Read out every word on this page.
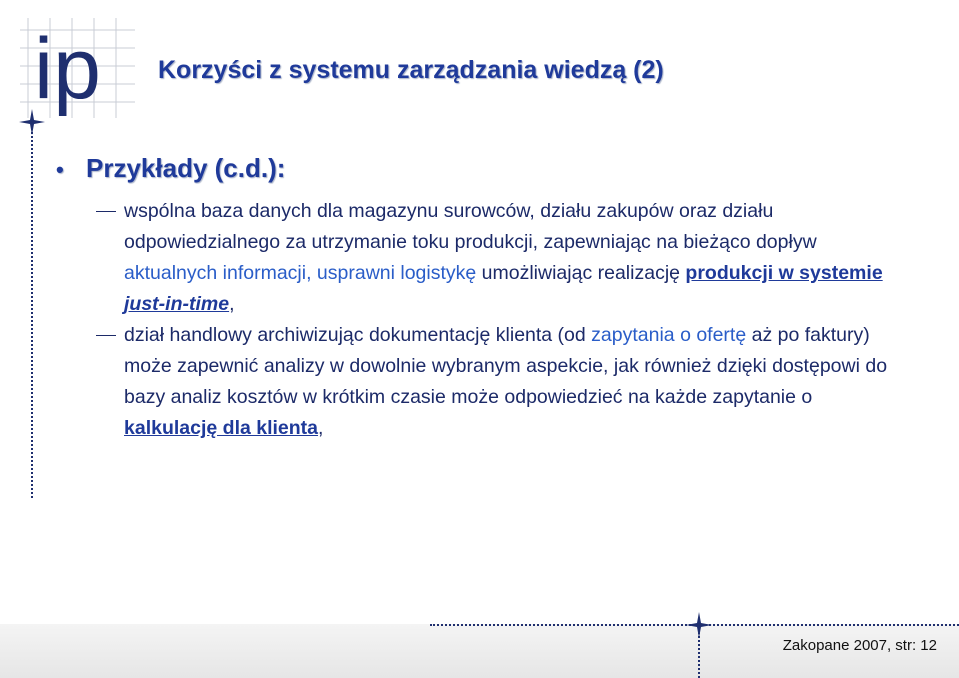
ip Korzyści z systemu zarządzania wiedzą (2)
• Przykłady (c.d.):

wspólna baza danych dla magazynu surowców, działu zakupów oraz działu odpowiedzialnego za utrzymanie toku produkcji, zapewniając na bieżąco dopływ aktualnych informacji, usprawni logistykę umożliwiając realizację produkcji w systemie just-in-time,

dział handlowy archiwizując dokumentację klienta (od zapytania o ofertę aż po faktury) może zapewnić analizy w dowolnie wybranym aspekcie, jak również dzięki dostępowi do bazy analiz kosztów w krótkim czasie może odpowiedzieć na każde zapytanie o kalkulację dla klienta,

Zakopane 2007, str: 12
